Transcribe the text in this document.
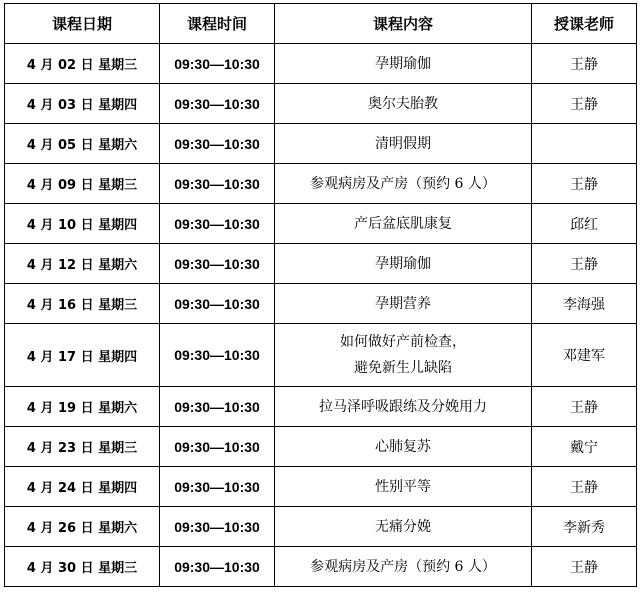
课程日期	课程时间	课程内容	授课老师
4 月 02 日 星期三	09:30—10:30	孕期瑜伽	王静
4 月 03 日 星期四	09:30—10:30	奥尔夫胎教	王静
4 月 05 日 星期六	09:30—10:30	清明假期	

4 月 09 日 星期三	09:30—10:30	参观病房及产房（预约 6 人）	王静
4 月 10 日 星期四	09:30—10:30	产后盆底肌康复	邱红
4 月 12 日 星期六	09:30—10:30	孕期瑜伽	王静
4 月 16 日 星期三	09:30—10:30	孕期营养	李海强
4 月 17 日 星期四	09:30—10:30	如何做好产前检查，
避免新生儿缺陷	邓建军
4 月 19 日 星期六	09:30—10:30	拉马泽呼吸跟练及分娩用力	王静
4 月 23 日 星期三	09:30—10:30	心肺复苏	戴宁
4 月 24 日 星期四	09:30—10:30	性别平等	王静
4 月 26 日 星期六	09:30—10:30	无痛分娩	李新秀
4 月 30 日 星期三	09:30—10:30	参观病房及产房（预约 6 人）	王静
